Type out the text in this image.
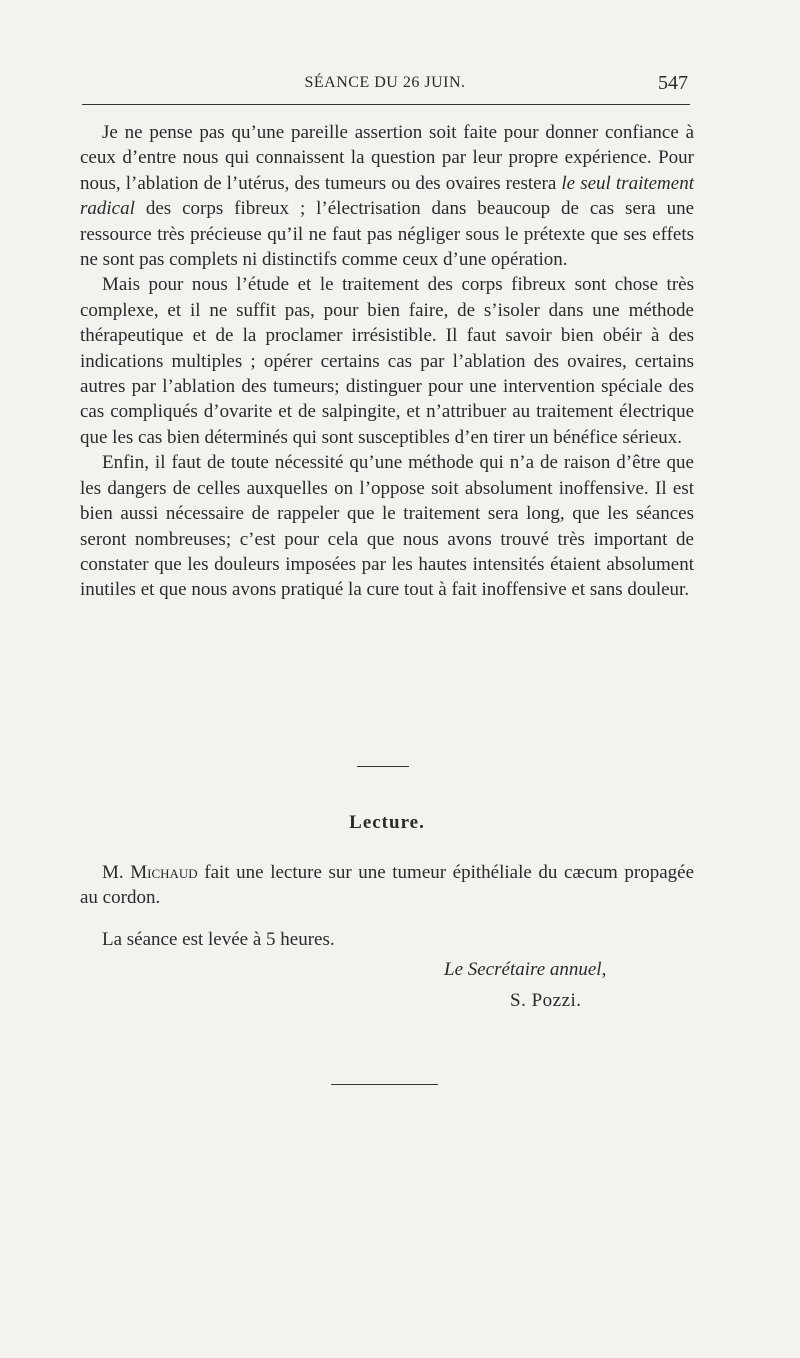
SÉANCE DU 26 JUIN.	547

Je ne pense pas qu’une pareille assertion soit faite pour donner confiance à ceux d’entre nous qui connaissent la question par leur propre expérience. Pour nous, l’ablation de l’utérus, des tumeurs ou des ovaires restera le seul traitement radical des corps fibreux ; l’électrisation dans beaucoup de cas sera une ressource très précieuse qu’il ne faut pas négliger sous le prétexte que ses effets ne sont pas complets ni distinctifs comme ceux d’une opération.

Mais pour nous l’étude et le traitement des corps fibreux sont chose très complexe, et il ne suffit pas, pour bien faire, de s’isoler dans une méthode thérapeutique et de la proclamer irrésistible. Il faut savoir bien obéir à des indications multiples ; opérer certains cas par l’ablation des ovaires, certains autres par l’ablation des tumeurs; distinguer pour une intervention spéciale des cas compliqués d’ovarite et de salpingite, et n’attribuer au traitement électrique que les cas bien déterminés qui sont susceptibles d’en tirer un bénéfice sérieux.

Enfin, il faut de toute nécessité qu’une méthode qui n’a de raison d’être que les dangers de celles auxquelles on l’oppose soit absolument inoffensive. Il est bien aussi nécessaire de rappeler que le traitement sera long, que les séances seront nombreuses; c’est pour cela que nous avons trouvé très important de constater que les douleurs imposées par les hautes intensités étaient absolument inutiles et que nous avons pratiqué la cure tout à fait inoffensive et sans douleur.

Lecture.

M. Michaud fait une lecture sur une tumeur épithéliale du cæcum propagée au cordon.

La séance est levée à 5 heures.
Le Secrétaire annuel,
S. Pozzi.
